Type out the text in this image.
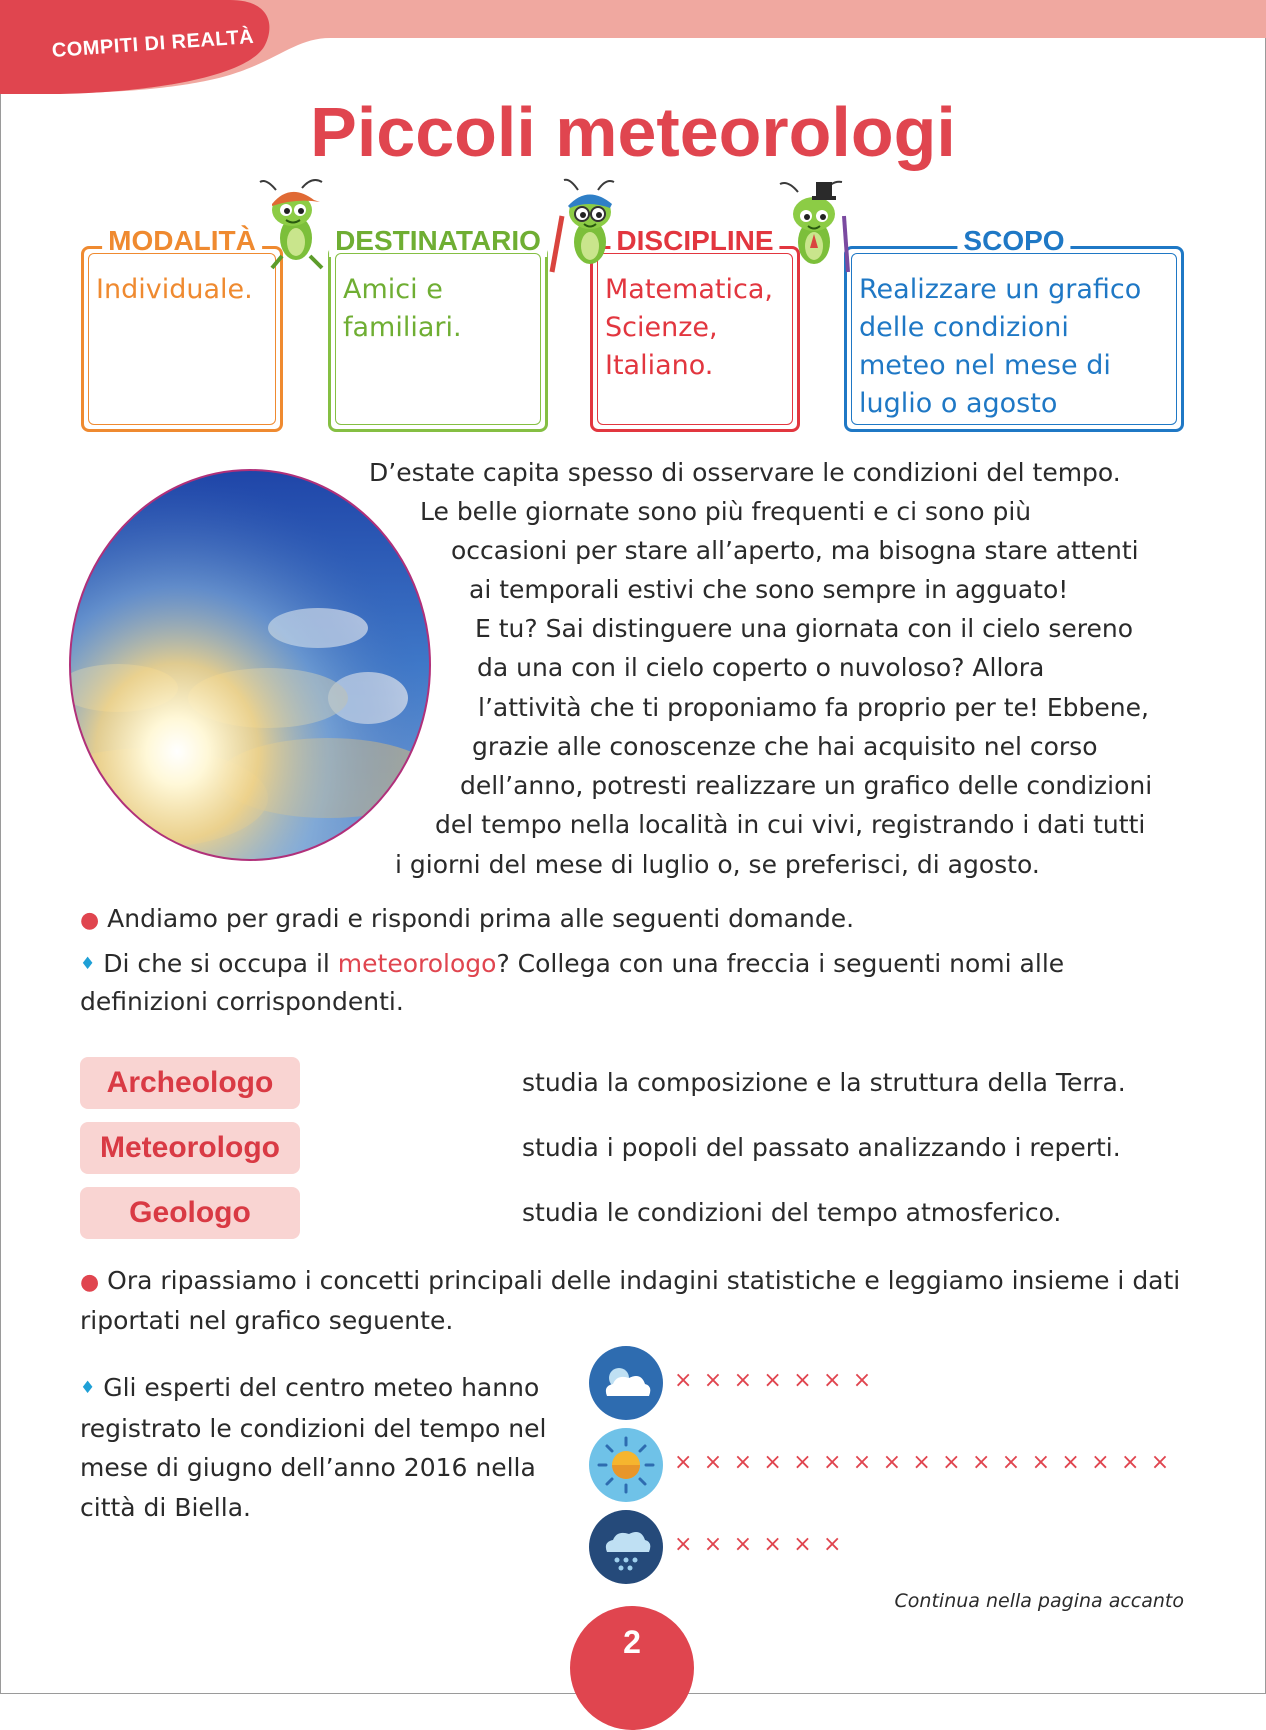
COMPITI DI REALTÀ
Piccoli meteorologi
MODALITÀ
Individuale.
DESTINATARIO
Amici e
familiari.
DISCIPLINE
Matematica,
Scienze,
Italiano.
SCOPO
Realizzare un grafico
delle condizioni
meteo nel mese di
luglio o agosto
D’estate capita spesso di osservare le condizioni del tempo.
Le belle giornate sono più frequenti e ci sono più
occasioni per stare all’aperto, ma bisogna stare attenti
ai temporali estivi che sono sempre in agguato!
E tu? Sai distinguere una giornata con il cielo sereno
da una con il cielo coperto o nuvoloso? Allora
l’attività che ti proponiamo fa proprio per te! Ebbene,
grazie alle conoscenze che hai acquisito nel corso
dell’anno, potresti realizzare un grafico delle condizioni
del tempo nella località in cui vivi, registrando i dati tutti
i giorni del mese di luglio o, se preferisci, di agosto.
● Andiamo per gradi e rispondi prima alle seguenti domande.
♦ Di che si occupa il meteorologo? Collega con una freccia i seguenti nomi alle definizioni corrispondenti.
Archeologo
Meteorologo
Geologo
studia la composizione e la struttura della Terra.
studia i popoli del passato analizzando i reperti.
studia le condizioni del tempo atmosferico.
● Ora ripassiamo i concetti principali delle indagini statistiche e leggiamo insieme i dati riportati nel grafico seguente.
♦ Gli esperti del centro meteo hanno registrato le condizioni del tempo nel mese di giugno dell’anno 2016 nella città di Biella.
× × × × × × ×
× × × × × × × × × × × × × × × × ×
× × × × × ×
Continua nella pagina accanto
2
